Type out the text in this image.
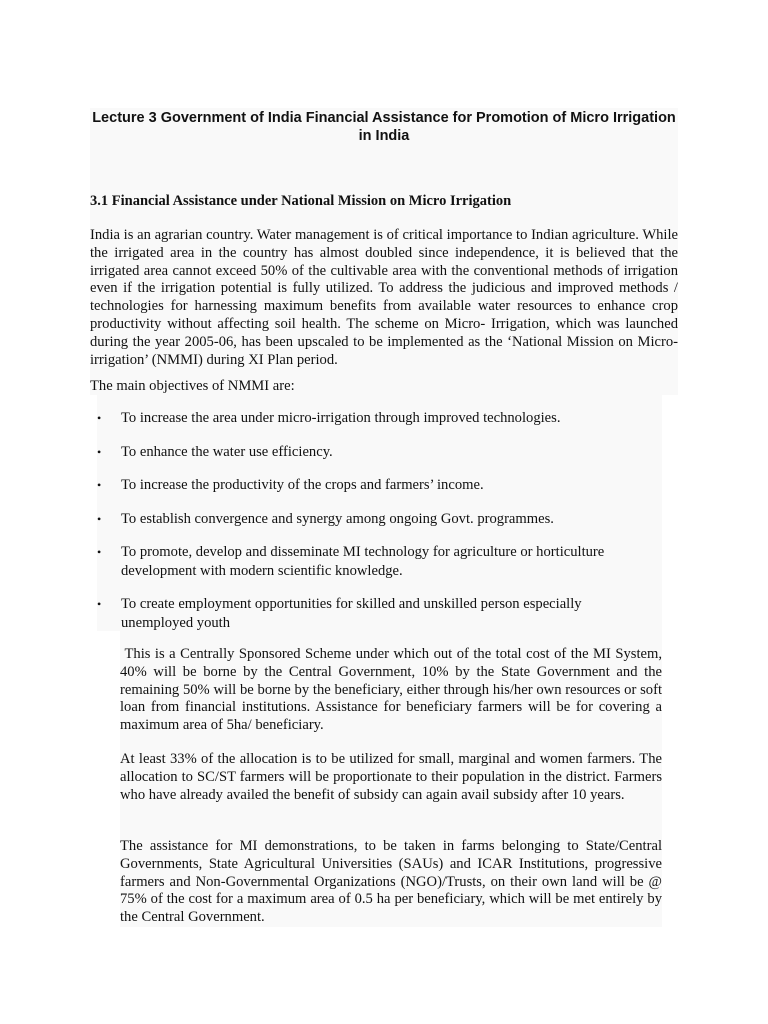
Lecture 3 Government of India Financial Assistance for Promotion of Micro Irrigation in India
3.1 Financial Assistance under National Mission on Micro Irrigation

India is an agrarian country. Water management is of critical importance to Indian agriculture. While the irrigated area in the country has almost doubled since independence, it is believed that the irrigated area cannot exceed 50% of the cultivable area with the conventional methods of irrigation even if the irrigation potential is fully utilized. To address the judicious and improved methods / technologies for harnessing maximum benefits from available water resources to enhance crop productivity without affecting soil health. The scheme on Micro- Irrigation, which was launched during the year 2005-06, has been upscaled to be implemented as the ‘National Mission on Micro-irrigation’ (NMMI) during XI Plan period.

The main objectives of NMMI are:

• To increase the area under micro-irrigation through improved technologies.
• To enhance the water use efficiency.
• To increase the productivity of the crops and farmers’ income.
• To establish convergence and synergy among ongoing Govt. programmes.
• To promote, develop and disseminate MI technology for agriculture or horticulture development with modern scientific knowledge.
• To create employment opportunities for skilled and unskilled person especially unemployed youth

This is a Centrally Sponsored Scheme under which out of the total cost of the MI System, 40% will be borne by the Central Government, 10% by the State Government and the remaining 50% will be borne by the beneficiary, either through his/her own resources or soft loan from financial institutions. Assistance for beneficiary farmers will be for covering a maximum area of 5ha/ beneficiary.

At least 33% of the allocation is to be utilized for small, marginal and women farmers. The allocation to SC/ST farmers will be proportionate to their population in the district. Farmers who have already availed the benefit of subsidy can again avail subsidy after 10 years.

The assistance for MI demonstrations, to be taken in farms belonging to State/Central Governments, State Agricultural Universities (SAUs) and ICAR Institutions, progressive farmers and Non-Governmental Organizations (NGO)/Trusts, on their own land will be @ 75% of the cost for a maximum area of 0.5 ha per beneficiary, which will be met entirely by the Central Government.
